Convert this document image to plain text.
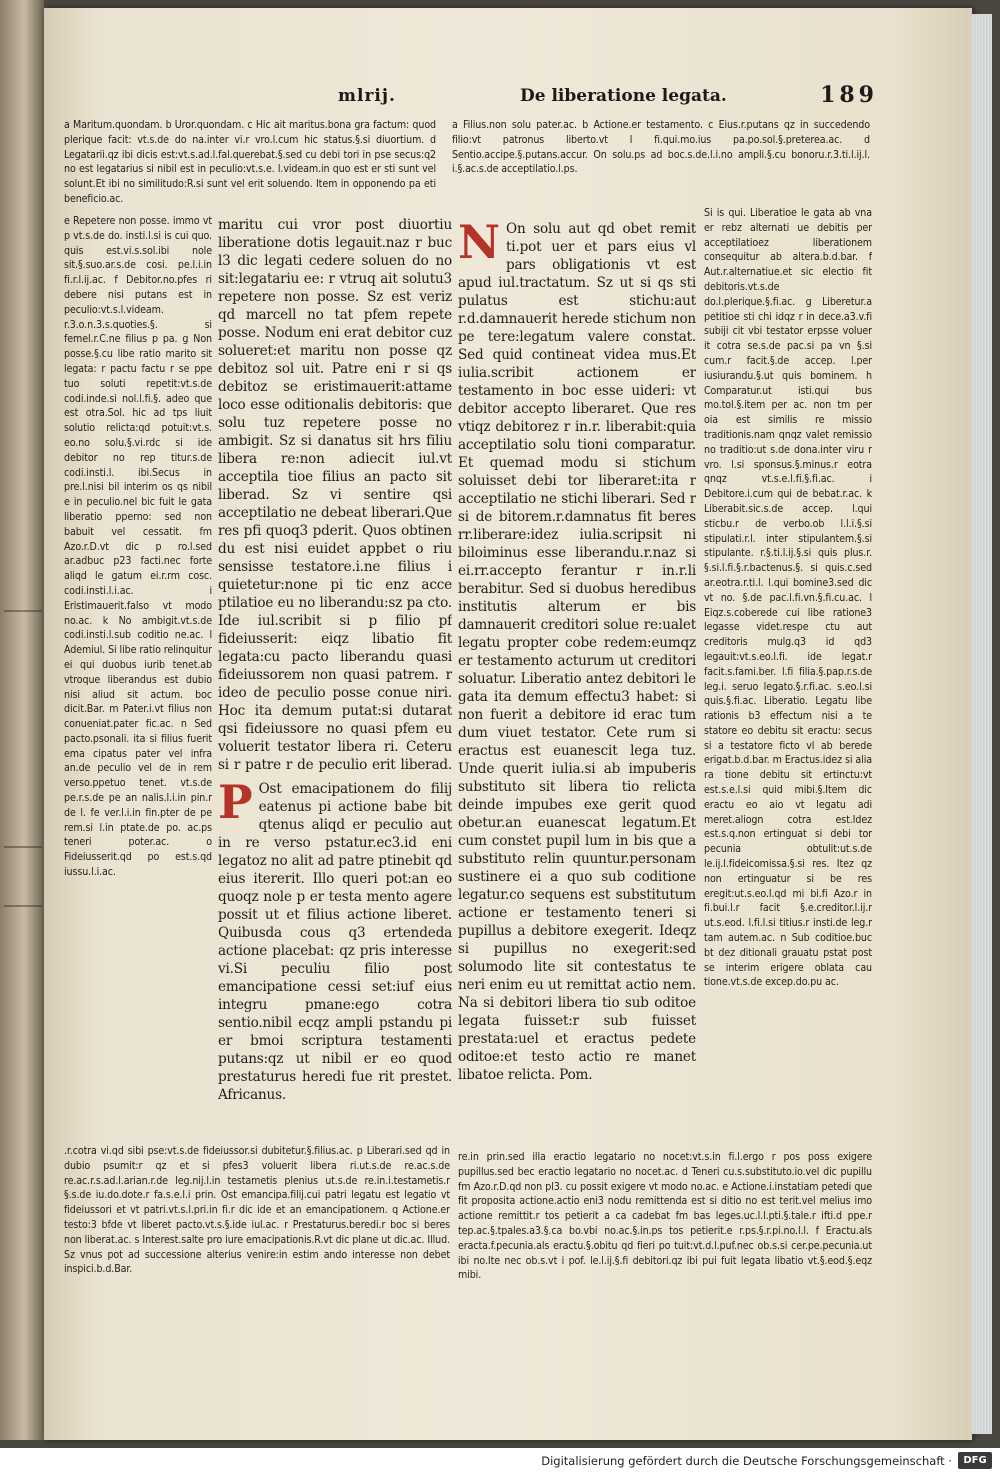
mlrij.	De liberatione legata.	189

a Maritum.quondam. b Uror.quondam. c Hic ait maritus.bona gra factum: quod plerique facit: vt.s.de do na.inter vi.r vro.l.cum hic status.§.si diuortium. d Legatarii.qz ibi dicis est:vt.s.ad.l.fal.querebat.§.sed cu debi tori in pse secus:q2 no est legatarius si nibil est in peculio:vt.s.e. l.videam.in quo est er sti sunt vel solunt.Et ibi no similitudo:R.si sunt vel erit soluendo. Item in opponendo pa eti beneficio.ac.

e Repetere non posse. immo vt p vt.s.de do. insti.l.si is cui quo. quis est.vi.s.sol.ibi nole sit.§.suo.ar.s.de cosi. pe.l.i.in fi.r.l.ij.ac. f Debitor.no.pfes ri debere nisi putans est in peculio:vt.s.l.videam. r.3.o.n.3.s.quoties.§. si femel.r.C.ne filius p pa. g Non posse.§.cu libe ratio marito sit legata: r pactu factu r se ppe tuo soluti repetit:vt.s.de codi.inde.si nol.l.fi.§. adeo que est otra.Sol. hic ad tps liuit solutio relicta:qd potuit:vt.s. eo.no solu.§.vi.rdc si ide debitor no rep titur.s.de codi.insti.l. ibi.Secus in pre.l.nisi bil interim os qs nibil e in peculio.nel bic fuit le gata liberatio pperno: sed non babuit vel cessatit. fm Azo.r.D.vt dic p ro.l.sed ar.adbuc p23 facti.nec forte aliqd le gatum ei.r.rm cosc. codi.insti.l.i.ac. i Eristimauerit.falso vt modo no.ac. k No ambigit.vt.s.de codi.insti.l.sub coditio ne.ac. l Ademiul. Si libe ratio relinquitur ei qui duobus iurib tenet.ab vtroque liberandus est dubio nisi aliud sit actum. boc dicit.Bar. m Pater.i.vt filius non conueniat.pater fic.ac. n Sed pacto.psonali. ita si filius fuerit ema cipatus pater vel infra an.de peculio vel de in rem verso.ppetuo tenet. vt.s.de pe.r.s.de pe an nalis.l.i.in pin.r de l. fe ver.l.i.in fin.pter de pe rem.si l.in ptate.de po. ac.ps teneri poter.ac. o Fideiusserit.qd po est.s.qd iussu.l.i.ac.

maritu cui vror post diuortiu liberatione dotis legauit.naz r buc l3 dic legati cedere soluen do no sit:legatariu ee: r vtruq ait solutu3 repetere non posse. Sz est veriz qd marcell no tat pfem repete posse. Nodum eni erat debitor cuz solueret:et maritu non posse qz debitoz sol uit. Patre eni r si qs debitoz se eristimauerit:attame loco esse oditionalis debitoris: que solu tuz repetere posse no ambigit. Sz si danatus sit hrs filiu libera re:non adiecit iul.vt acceptila tioe filius an pacto sit liberad. Sz vi sentire qsi acceptilatio ne debeat liberari.Que res pfi quoq3 pderit. Quos obtinen du est nisi euidet appbet o riu sensisse testatore.i.ne filius i quietetur:none pi tic enz acce ptilatioe eu no liberandu:sz pa cto. Ide iul.scribit si p filio pf fideiusserit: eiqz libatio fit legata:cu pacto liberandu quasi fideiussorem non quasi patrem. r ideo de peculio posse conue niri. Hoc ita demum putat:si dutarat qsi fideiussore no quasi pfem eu voluerit testator libera ri. Ceteru si r patre r de peculio erit liberad.

P Ost emacipationem do filij eatenus pi actione babe bit qtenus aliqd er peculio aut in re verso pstatur.ec3.id eni legatoz no alit ad patre ptinebit qd eius itererit. Illo queri pot:an eo quoqz nole p er testa mento agere possit ut et filius actione liberet. Quibusda cous q3 ertendeda actione placebat: qz pris interesse vi.Si peculiu filio post emancipatione cessi set:iuf eius integru pmane:ego cotra sentio.nibil ecqz ampli pstandu pi er bmoi scriptura testamenti putans:qz ut nibil er eo quod prestaturus heredi fue rit prestet. Africanus.

a Filius.non solu pater.ac. b Actione.er testamento. c Eius.r.putans qz in succedendo filio:vt patronus liberto.vt l fi.qui.mo.ius pa.po.sol.§.preterea.ac. d Sentio.accipe.§.putans.accur. On solu.ps ad boc.s.de.l.i.no ampli.§.cu bonoru.r.3.ti.l.ij.l. i.§.ac.s.de acceptilatio.l.ps.

N On solu aut qd obet remit ti.pot uer et pars eius vl pars obligationis vt est apud iul.tractatum. Sz ut si qs sti pulatus est stichu:aut r.d.damnauerit herede stichum non pe tere:legatum valere constat. Sed quid contineat videa mus.Et iulia.scribit actionem er testamento in boc esse uideri: vt debitor accepto liberaret. Que res vtiqz debitorez r in.r. liberabit:quia acceptilatio solu tioni comparatur. Et quemad modu si stichum soluisset debi tor liberaret:ita r acceptilatio ne stichi liberari. Sed r si de bitorem.r.damnatus fit beres rr.liberare:idez iulia.scripsit ni biloiminus esse liberandu.r.naz si ei.rr.accepto ferantur r in.r.li berabitur. Sed si duobus heredibus institutis alterum er bis damnauerit creditori solue re:ualet legatu propter cobe redem:eumqz er testamento acturum ut creditori soluatur. Liberatio antez debitori le gata ita demum effectu3 habet: si non fuerit a debitore id erac tum dum viuet testator. Cete rum si eractus est euanescit lega tuz. Unde querit iulia.si ab impuberis substituto sit libera tio relicta deinde impubes exe gerit quod obetur.an euanescat legatum.Et cum constet pupil lum in bis que a substituto relin quuntur.personam sustinere ei a quo sub coditione legatur.co sequens est substitutum actione er testamento teneri si pupillus a debitore exegerit. Ideqz si pupillus no exegerit:sed solumodo lite sit contestatus te neri enim eu ut remittat actio nem. Na si debitori libera tio sub oditoe legata fuisset:r sub fuisset prestata:uel et eractus pedete oditoe:et testo actio re manet libatoe relicta. Pom.

Si is qui. Liberatioe le gata ab vna er rebz alternati ue debitis per acceptilatioez liberationem consequitur ab altera.b.d.bar. f Aut.r.alternatiue.et sic electio fit debitoris.vt.s.de do.l.plerique.§.fi.ac. g Liberetur.a petitioe sti chi idqz r in dece.a3.v.fi subiji cit vbi testator erpsse voluer it cotra se.s.de pac.si pa vn §.si cum.r facit.§.de accep. l.per iusiurandu.§.ut quis bominem. h Comparatur.ut isti.qui bus mo.tol.§.item per ac. non tm per oia est similis re missio traditionis.nam qnqz valet remissio no traditio:ut s.de dona.inter viru r vro. l.si sponsus.§.minus.r eotra qnqz vt.s.e.l.fi.§.fi.ac. i Debitore.i.cum qui de bebat.r.ac. k Liberabit.sic.s.de accep. l.qui sticbu.r de verbo.ob l.l.i.§.si stipulati.r.l. inter stipulantem.§.si stipulante. r.§.ti.l.ij.§.si quis plus.r. §.si.l.fi.§.r.bactenus.§. si quis.c.sed ar.eotra.r.ti.l. l.qui bomine3.sed dic vt no. §.de pac.l.fi.vn.§.fi.cu.ac. l Eiqz.s.coberede cui libe ratione3 legasse videt.respe ctu aut creditoris mulg.q3 id qd3 legauit:vt.s.eo.l.fi. ide legat.r facit.s.fami.ber. l.fi filia.§.pap.r.s.de leg.i. seruo legato.§.r.fi.ac. s.eo.l.si quis.§.fi.ac. Liberatio. Legatu libe rationis b3 effectum nisi a te statore eo debitu sit eractu: secus si a testatore ficto vl ab berede erigat.b.d.bar. m Eractus.idez si alia ra tione debitu sit ertinctu:vt est.s.e.l.si quid mibi.§.Item dic eractu eo aio vt legatu adi meret.aliogn cotra est.Idez est.s.q.non ertinguat si debi tor pecunia obtulit:ut.s.de le.ij.l.fideicomissa.§.si res. Itez qz non ertinguatur si be res eregit:ut.s.eo.l.qd mi bi.fi Azo.r in fi.bui.l.r facit §.e.creditor.l.ij.r ut.s.eod. l.fi.l.si titius.r insti.de leg.r tam autem.ac. n Sub coditioe.buc bt dez ditionali grauatu pstat post se interim erigere oblata cau tione.vt.s.de excep.do.pu ac.

.r.cotra vi.qd sibi pse:vt.s.de fideiussor.si dubitetur.§.filius.ac. p Liberari.sed qd in dubio psumit:r qz et si pfes3 voluerit libera ri.ut.s.de re.ac.s.de re.ac.r.s.ad.l.arian.r.de leg.nij.l.in testametis plenius ut.s.de re.in.i.testametis.r §.s.de iu.do.dote.r fa.s.e.l.i prin. Ost emancipa.filij.cui patri legatu est legatio vt fideiussori et vt patri.vt.s.l.pri.in fi.r dic ide et an emancipationem. q Actione.er testo:3 bfde vt liberet pacto.vt.s.§.ide iul.ac. r Prestaturus.beredi.r boc si beres non liberat.ac. s Interest.salte pro iure emacipationis.R.vt dic plane ut dic.ac. Illud. Sz vnus pot ad successione alterius venire:in estim ando interesse non debet inspici.b.d.Bar.

re.in prin.sed illa eractio legatario no nocet:vt.s.in fi.l.ergo r pos poss exigere pupillus.sed bec eractio legatario no nocet.ac. d Teneri cu.s.substituto.io.vel dic pupillu fm Azo.r.D.qd non pl3. cu possit exigere vt modo no.ac. e Actione.i.instatiam petedi que fit proposita actione.actio eni3 nodu remittenda est si ditio no est terit.vel melius imo actione remittit.r tos petierit a ca cadebat fm bas leges.uc.l.l.pti.§.tale.r ifti.d ppe.r tep.ac.§.tpales.a3.§.ca bo.vbi no.ac.§.in.ps tos petierit.e r.ps.§.r.pi.no.l.l. f Eractu.als eracta.f.pecunia.als eractu.§.obitu qd fieri po tuit:vt.d.l.puf.nec ob.s.si cer.pe.pecunia.ut ibi no.Ite nec ob.s.vt i pof. le.l.ij.§.fi debitori.qz ibi pui fuit legata libatio vt.§.eod.§.eqz mibi.

Digitalisierung gefördert durch die Deutsche Forschungsgemeinschaft ·	DFG
